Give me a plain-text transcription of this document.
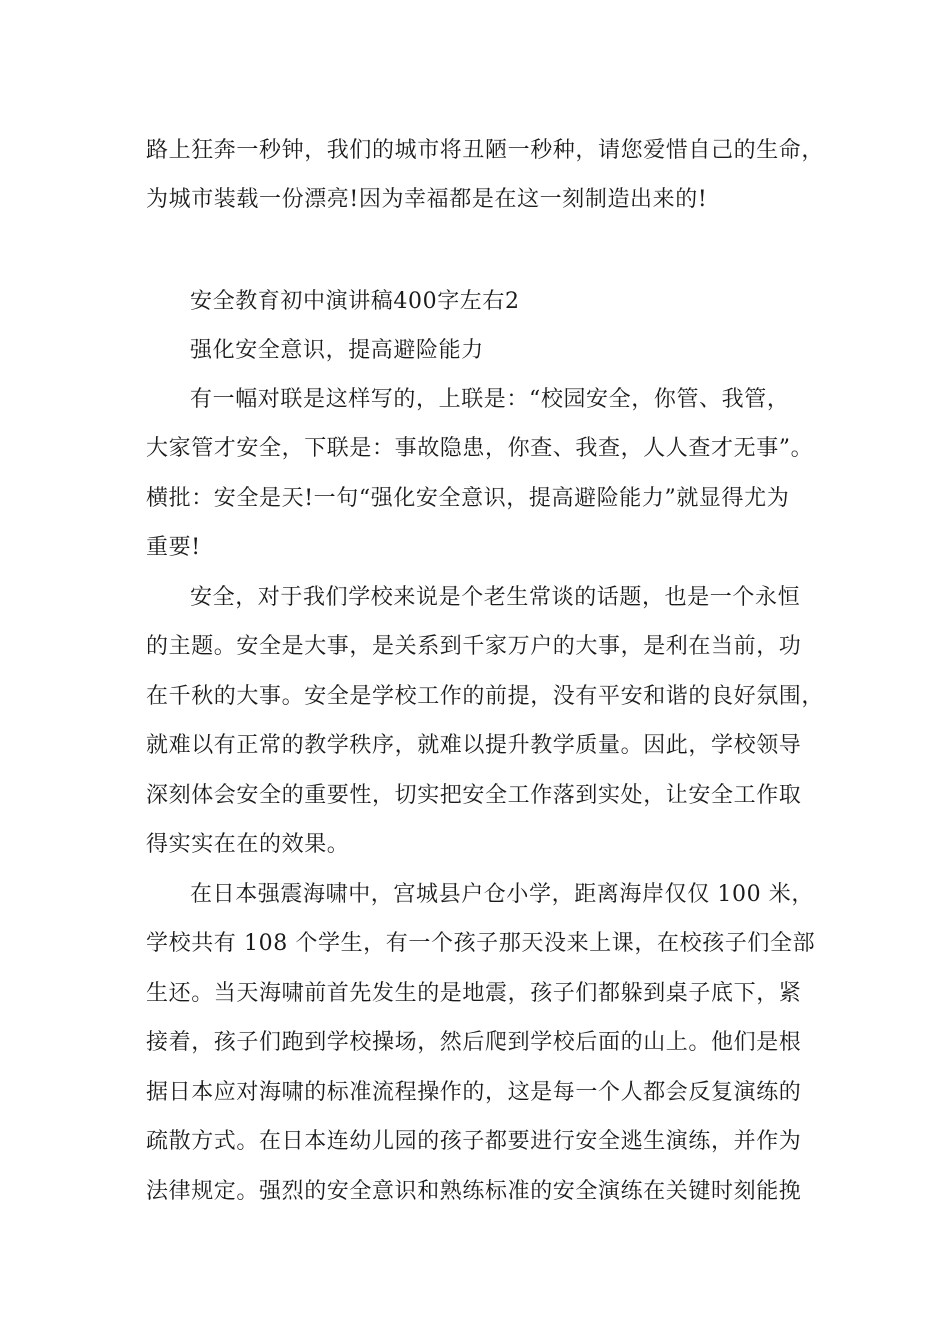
路上狂奔一秒钟，我们的城市将丑陋一秒种，请您爱惜自己的生命，
为城市装载一份漂亮!因为幸福都是在这一刻制造出来的!
安全教育初中演讲稿400字左右2
强化安全意识，提高避险能力
有一幅对联是这样写的，上联是：“校园安全，你管、我管，
大家管才安全，下联是：事故隐患，你查、我查，人人查才无事”。
横批：安全是天!一句“强化安全意识，提高避险能力”就显得尤为
重要!
安全，对于我们学校来说是个老生常谈的话题，也是一个永恒
的主题。安全是大事，是关系到千家万户的大事，是利在当前，功
在千秋的大事。安全是学校工作的前提，没有平安和谐的良好氛围，
就难以有正常的教学秩序，就难以提升教学质量。因此，学校领导
深刻体会安全的重要性，切实把安全工作落到实处，让安全工作取
得实实在在的效果。
在日本强震海啸中，宫城县户仓小学，距离海岸仅仅 100 米，
学校共有 108 个学生，有一个孩子那天没来上课，在校孩子们全部
生还。当天海啸前首先发生的是地震，孩子们都躲到桌子底下，紧
接着，孩子们跑到学校操场，然后爬到学校后面的山上。他们是根
据日本应对海啸的标准流程操作的，这是每一个人都会反复演练的
疏散方式。在日本连幼儿园的孩子都要进行安全逃生演练，并作为
法律规定。强烈的安全意识和熟练标准的安全演练在关键时刻能挽
